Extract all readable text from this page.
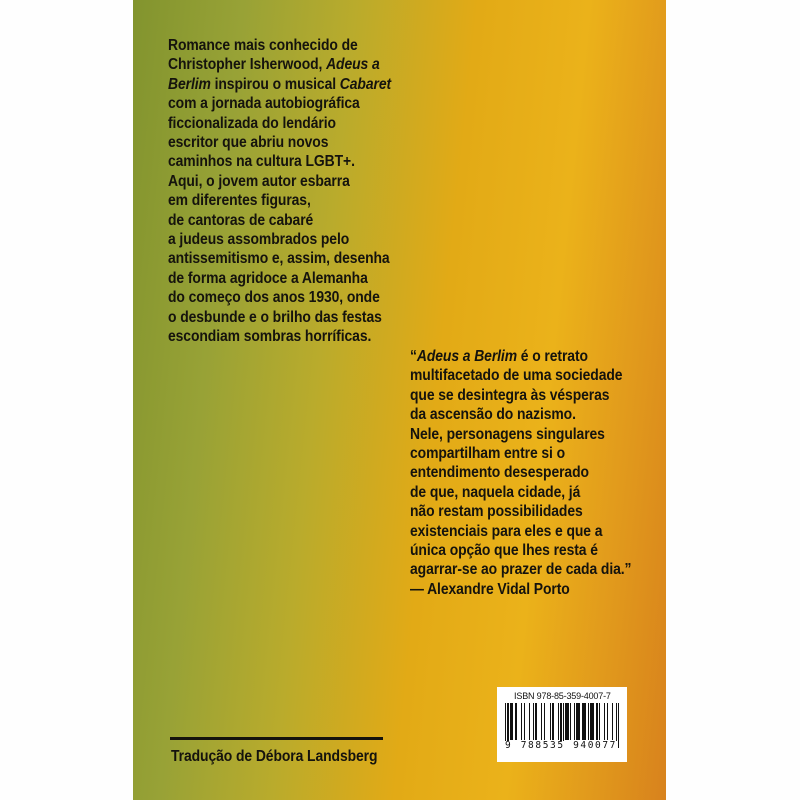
Romance mais conhecido de
Christopher Isherwood, Adeus a
Berlim inspirou o musical Cabaret
com a jornada autobiográfica
ficcionalizada do lendário
escritor que abriu novos
caminhos na cultura LGBT+.
Aqui, o jovem autor esbarra
em diferentes figuras,
de cantoras de cabaré
a judeus assombrados pelo
antissemitismo e, assim, desenha
de forma agridoce a Alemanha
do começo dos anos 1930, onde
o desbunde e o brilho das festas
escondiam sombras horríficas.
“Adeus a Berlim é o retrato
multifacetado de uma sociedade
que se desintegra às vésperas
da ascensão do nazismo.
Nele, personagens singulares
compartilham entre si o
entendimento desesperado
de que, naquela cidade, já
não restam possibilidades
existenciais para eles e que a
única opção que lhes resta é
agarrar-se ao prazer de cada dia.”
— Alexandre Vidal Porto
Tradução de Débora Landsberg
ISBN 978-85-359-4007-7
9 788535 940077
